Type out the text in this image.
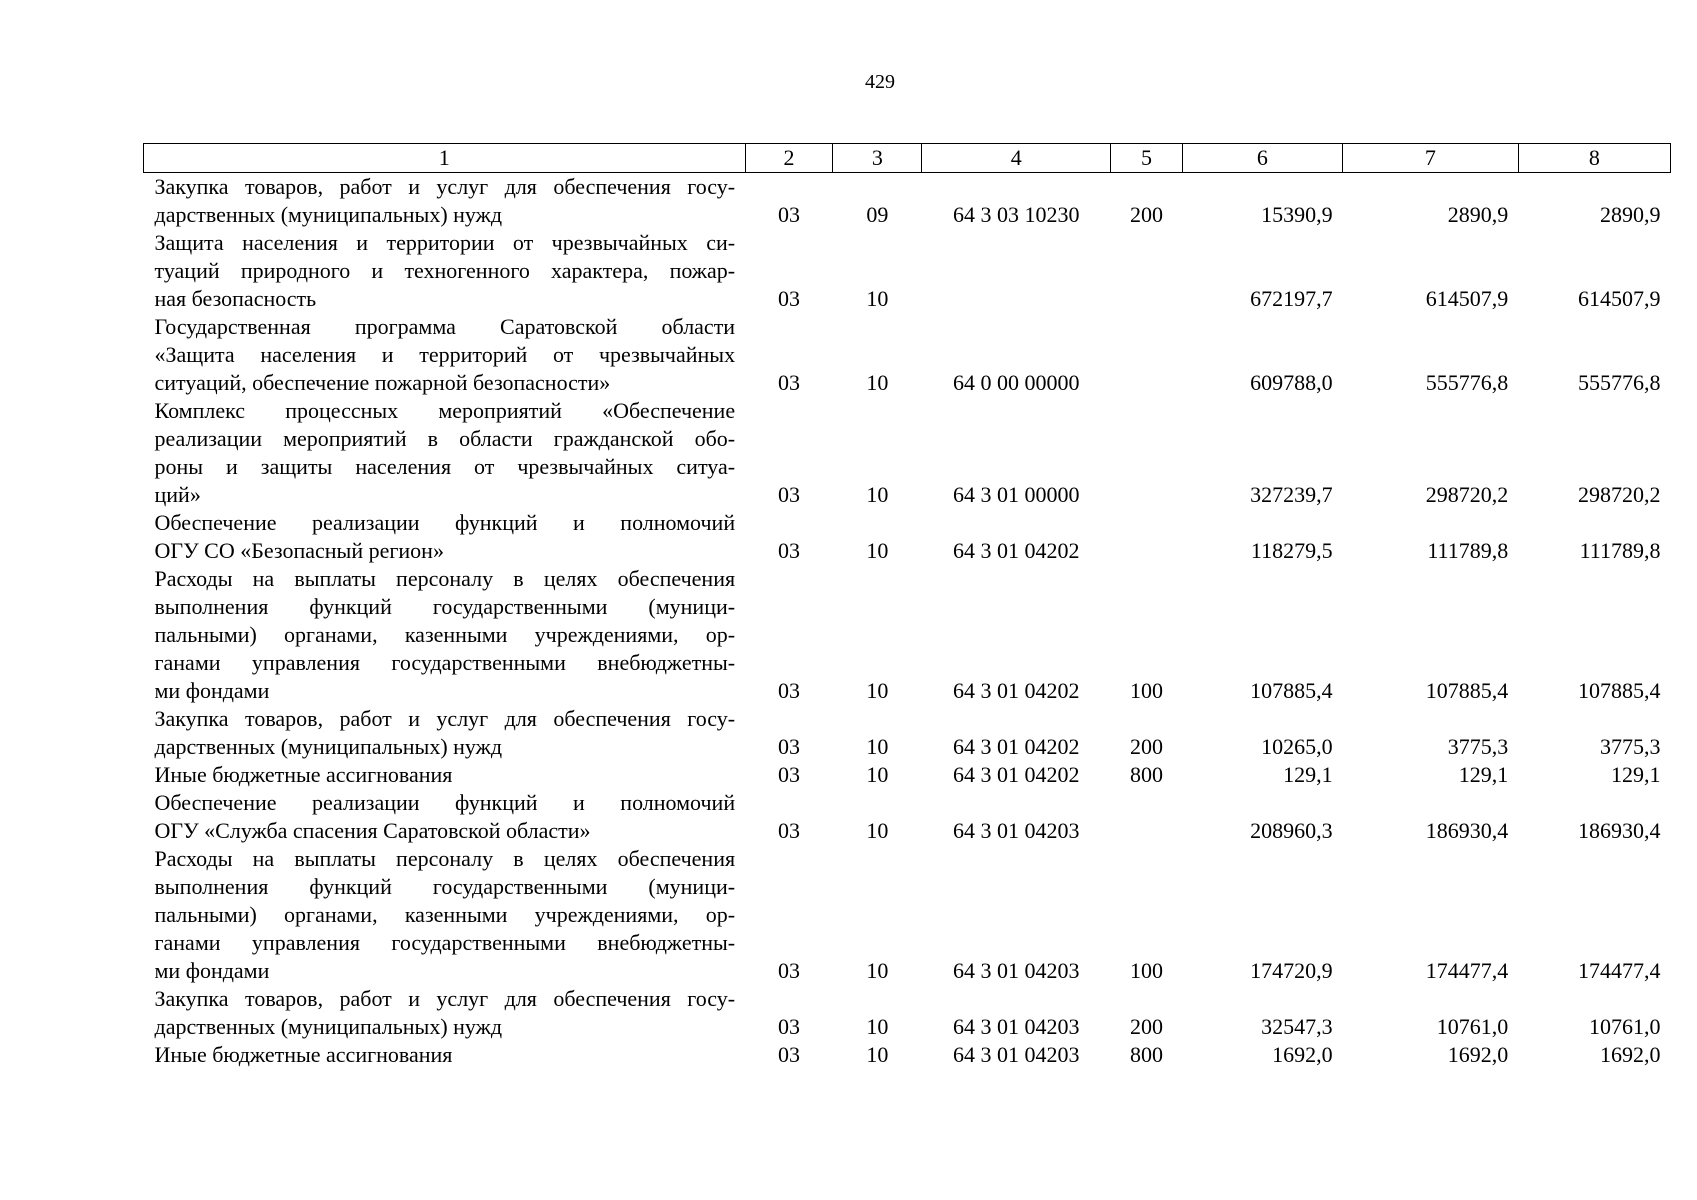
429
1	2	3	4	5	6	7	8

Закупка товаров, работ и услуг для обеспечения госу-
дарственных (муниципальных) нужд	03	09	64 3 03 10230	200	15390,9	2890,9	2890,9

Защита населения и территории от чрезвычайных си-
туаций природного и техногенного характера, пожар-
ная безопасность	03	10			672197,7	614507,9	614507,9

Государственная программа Саратовской области
«Защита населения и территорий от чрезвычайных
ситуаций, обеспечение пожарной безопасности»	03	10	64 0 00 00000		609788,0	555776,8	555776,8

Комплекс процессных мероприятий «Обеспечение
реализации мероприятий в области гражданской обо-
роны и защиты населения от чрезвычайных ситуа-
ций»	03	10	64 3 01 00000		327239,7	298720,2	298720,2

Обеспечение реализации функций и полномочий
ОГУ СО «Безопасный регион»	03	10	64 3 01 04202		118279,5	111789,8	111789,8

Расходы на выплаты персоналу в целях обеспечения
выполнения функций государственными (муници-
пальными) органами, казенными учреждениями, ор-
ганами управления государственными внебюджетны-
ми фондами	03	10	64 3 01 04202	100	107885,4	107885,4	107885,4

Закупка товаров, работ и услуг для обеспечения госу-
дарственных (муниципальных) нужд	03	10	64 3 01 04202	200	10265,0	3775,3	3775,3

Иные бюджетные ассигнования	03	10	64 3 01 04202	800	129,1	129,1	129,1

Обеспечение реализации функций и полномочий
ОГУ «Служба спасения Саратовской области»	03	10	64 3 01 04203		208960,3	186930,4	186930,4

Расходы на выплаты персоналу в целях обеспечения
выполнения функций государственными (муници-
пальными) органами, казенными учреждениями, ор-
ганами управления государственными внебюджетны-
ми фондами	03	10	64 3 01 04203	100	174720,9	174477,4	174477,4

Закупка товаров, работ и услуг для обеспечения госу-
дарственных (муниципальных) нужд	03	10	64 3 01 04203	200	32547,3	10761,0	10761,0

Иные бюджетные ассигнования	03	10	64 3 01 04203	800	1692,0	1692,0	1692,0
